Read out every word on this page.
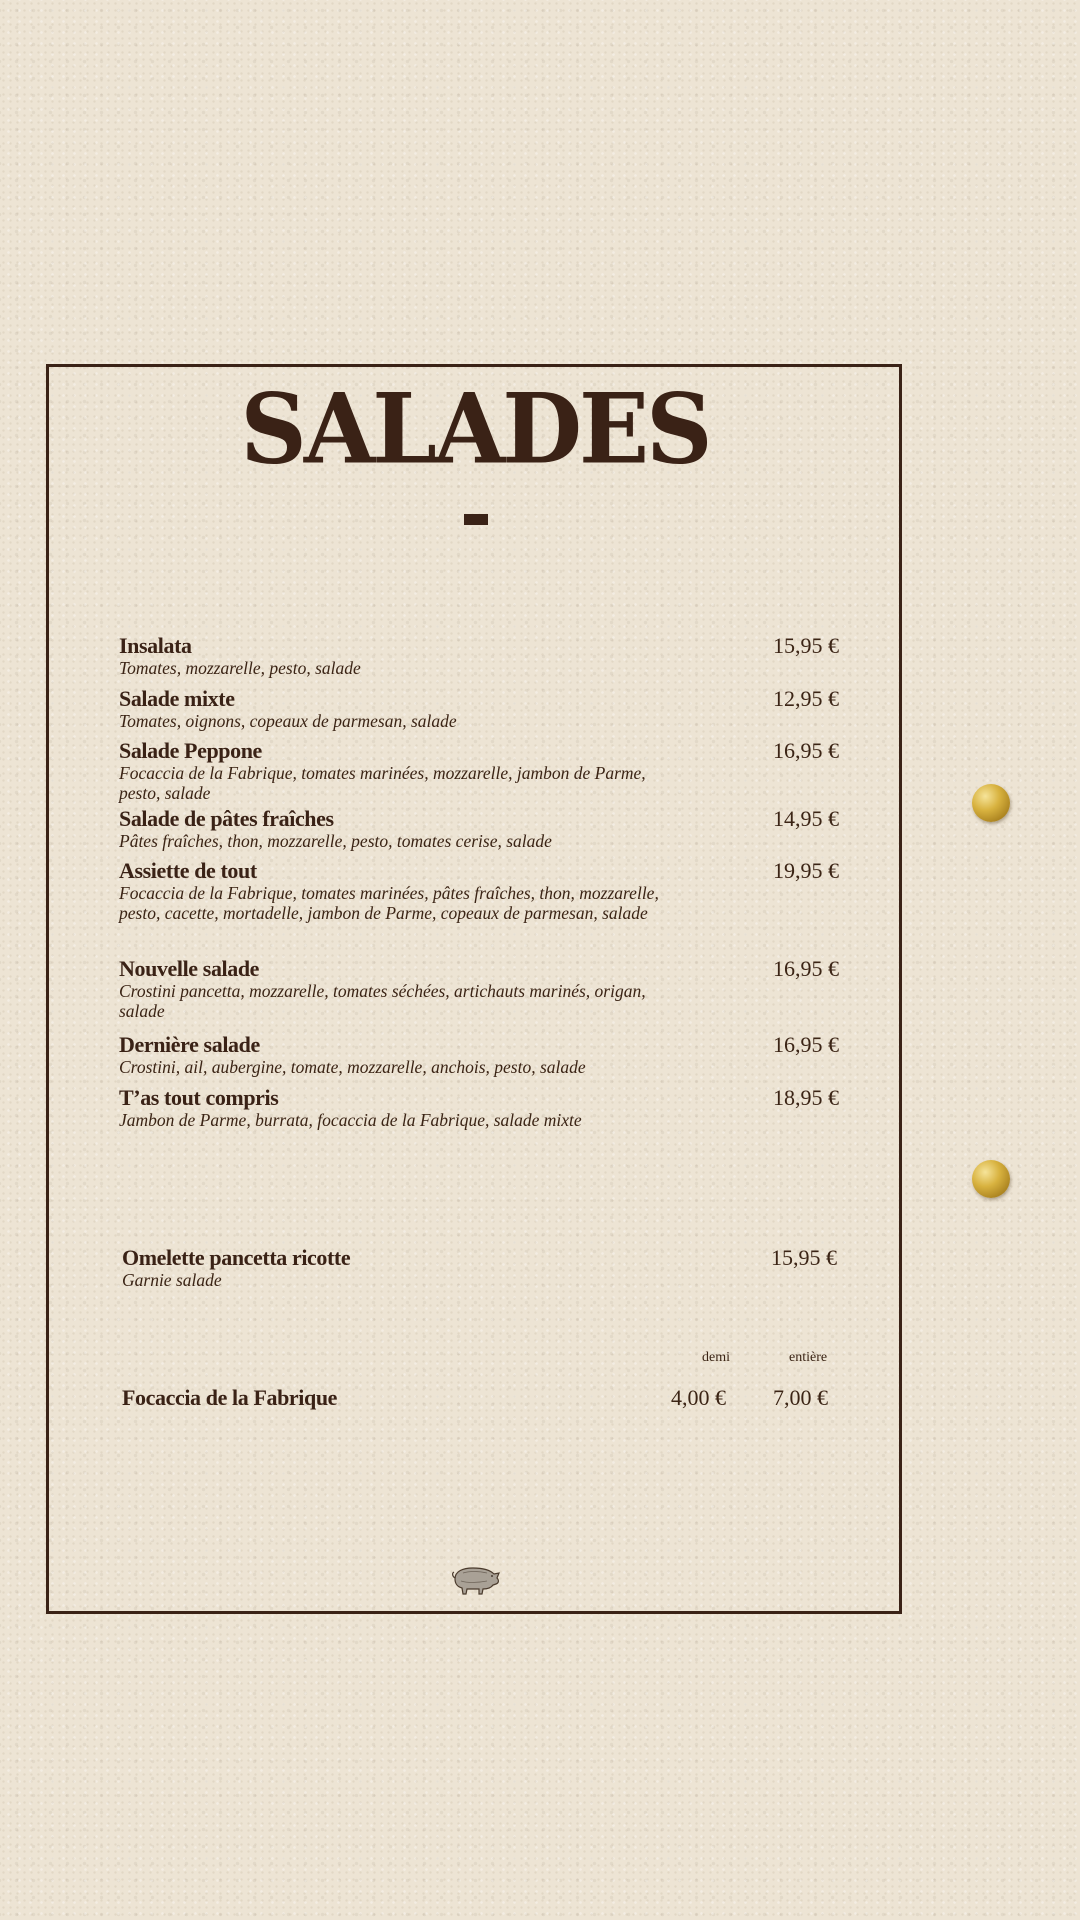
SALADES
Insalata
Tomates, mozzarelle, pesto, salade
15,95 €
Salade mixte
Tomates, oignons, copeaux de parmesan, salade
12,95 €
Salade Peppone
Focaccia de la Fabrique, tomates marinées, mozzarelle, jambon de Parme, pesto, salade
16,95 €
Salade de pâtes fraîches
Pâtes fraîches, thon, mozzarelle, pesto, tomates cerise, salade
14,95 €
Assiette de tout
Focaccia de la Fabrique, tomates marinées, pâtes fraîches, thon, mozzarelle, pesto, cacette, mortadelle, jambon de Parme, copeaux de parmesan, salade
19,95 €
Nouvelle salade
Crostini pancetta, mozzarelle, tomates séchées, artichauts marinés, origan, salade
16,95 €
Dernière salade
Crostini, ail, aubergine, tomate, mozzarelle, anchois, pesto, salade
16,95 €
T’as tout compris
Jambon de Parme, burrata, focaccia de la Fabrique, salade mixte
18,95 €
Omelette pancetta ricotte
Garnie salade
15,95 €
demi	entière
Focaccia de la Fabrique	4,00 € 7,00 €
